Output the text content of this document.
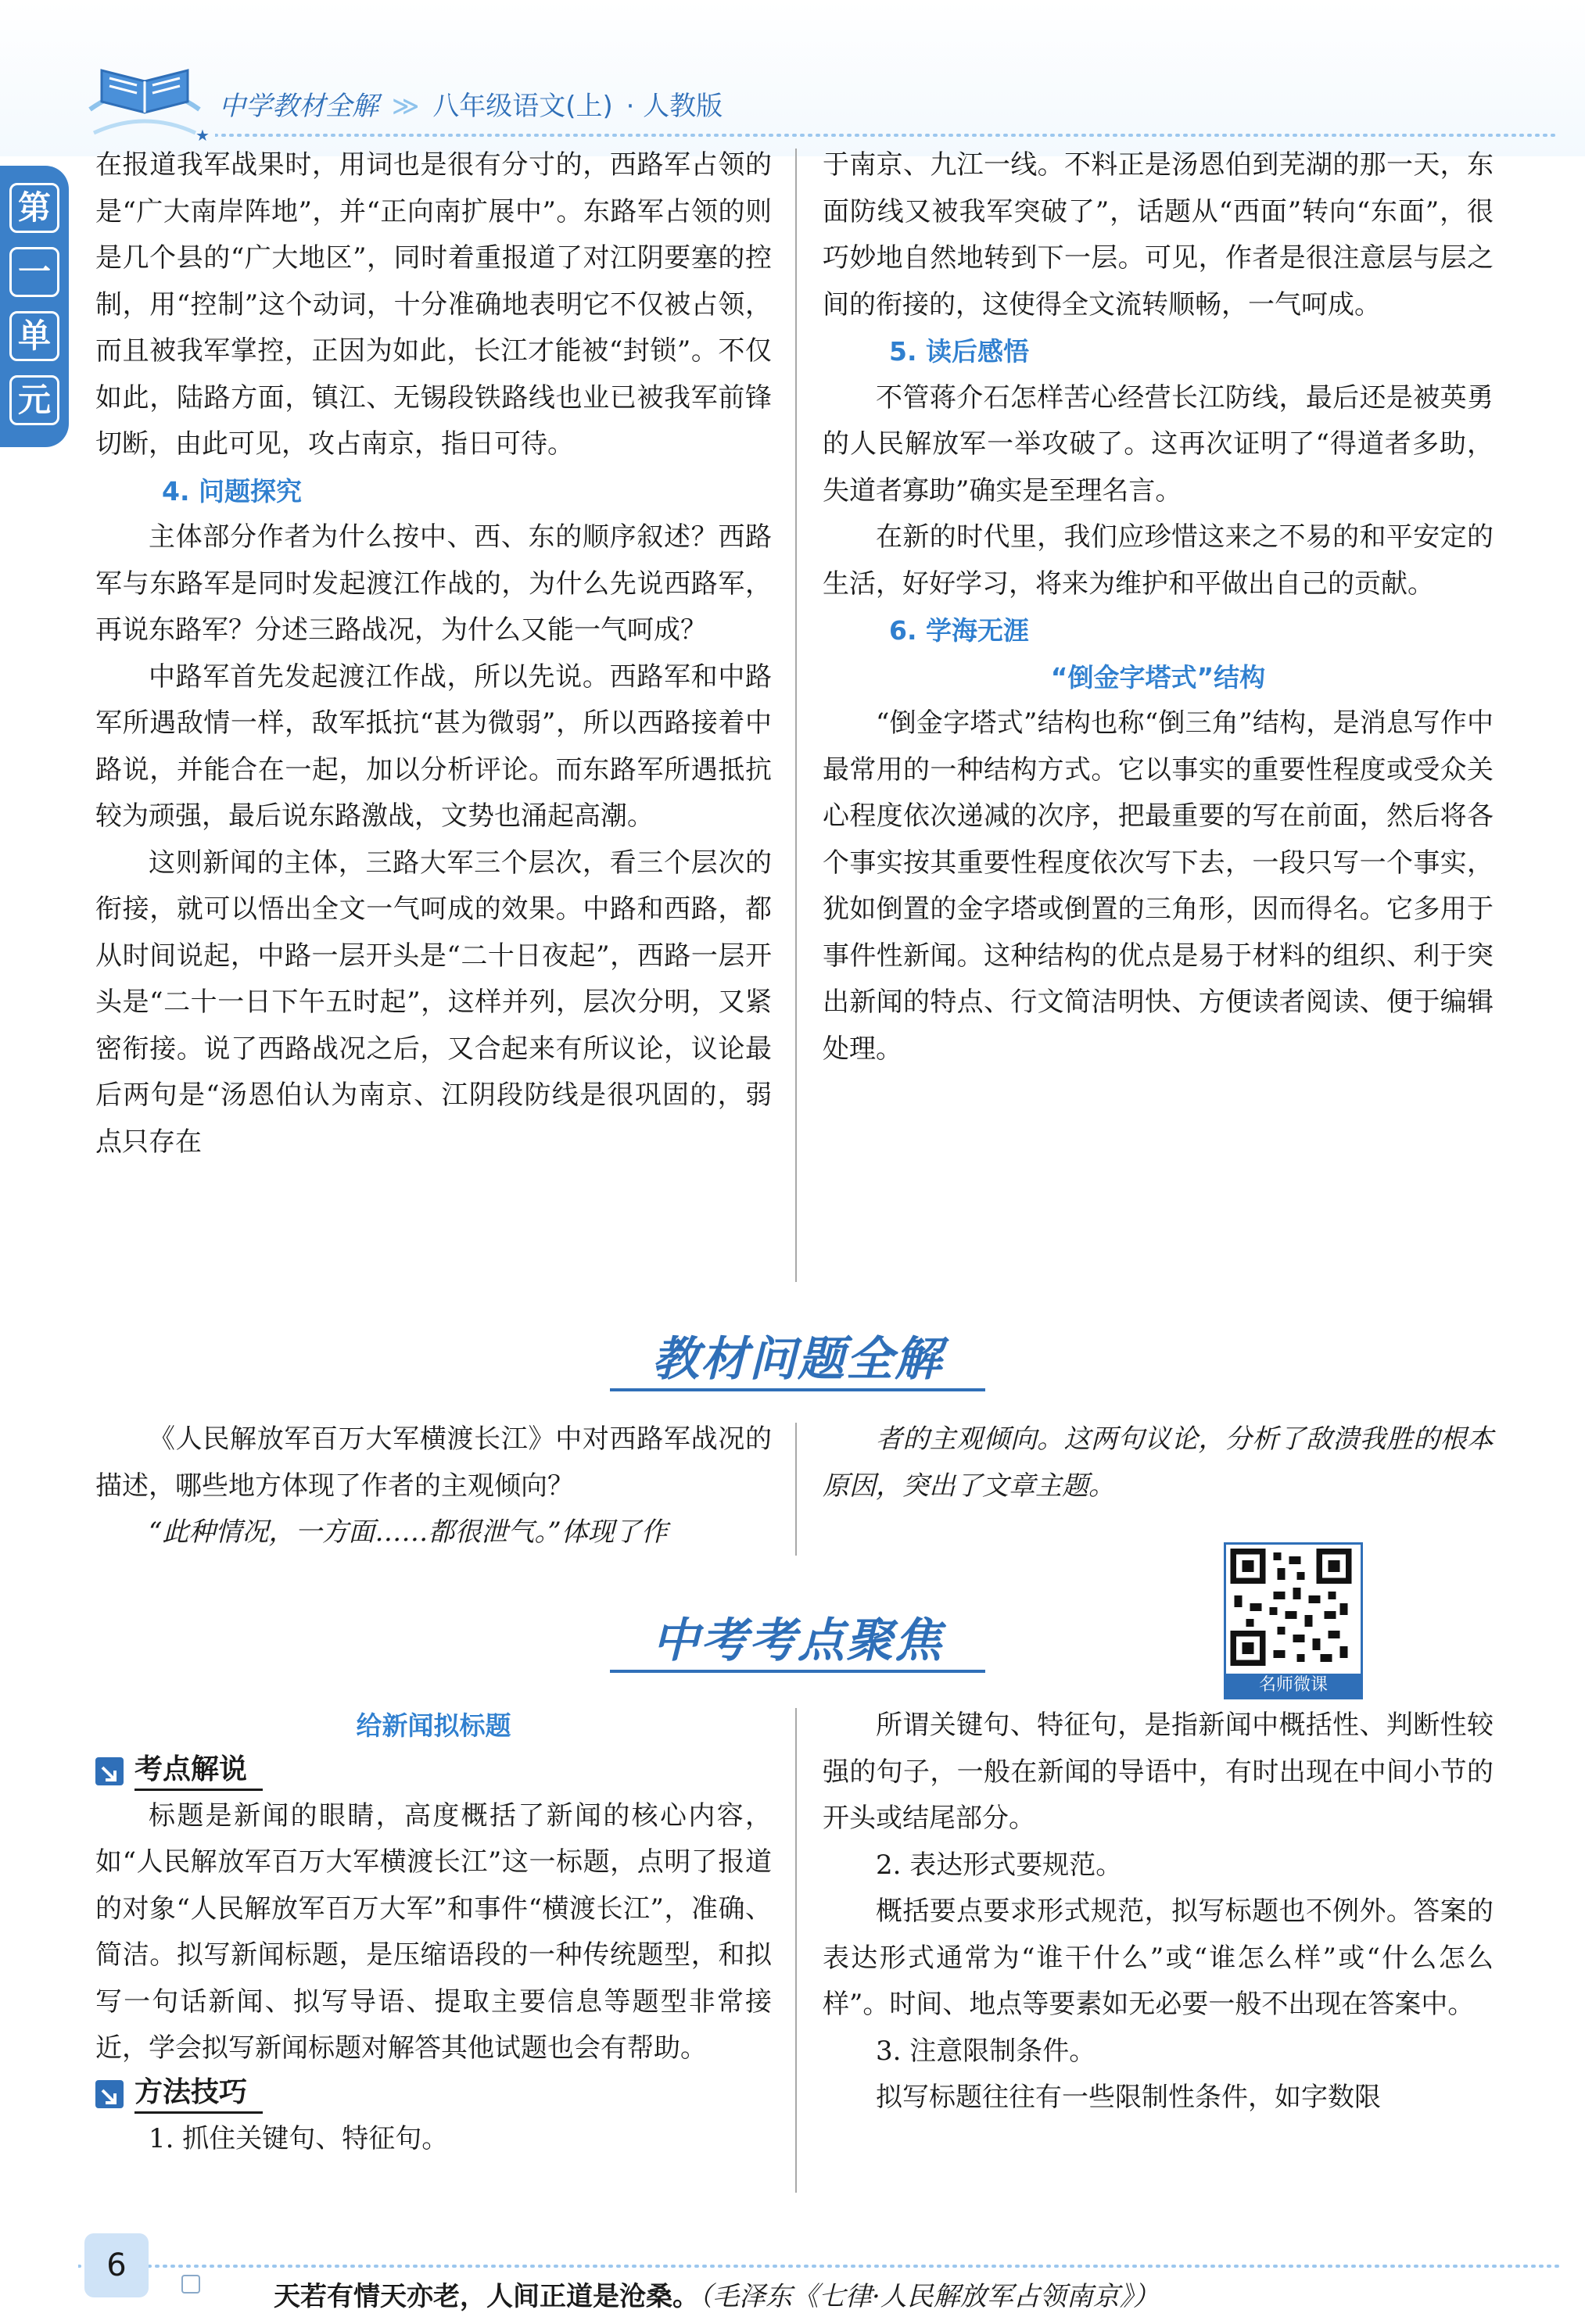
★
中学教材全解 ≫ 八年级语文(上) · 人教版
第
一
单
元

在报道我军战果时，用词也是很有分寸的，西路军占领的是“广大南岸阵地”，并“正向南扩展中”。东路军占领的则是几个县的“广大地区”，同时着重报道了对江阴要塞的控制，用“控制”这个动词，十分准确地表明它不仅被占领，而且被我军掌控，正因为如此，长江才能被“封锁”。不仅如此，陆路方面，镇江、无锡段铁路线也业已被我军前锋切断，由此可见，攻占南京，指日可待。

4. 问题探究

主体部分作者为什么按中、西、东的顺序叙述？西路军与东路军是同时发起渡江作战的，为什么先说西路军，再说东路军？分述三路战况，为什么又能一气呵成？

中路军首先发起渡江作战，所以先说。西路军和中路军所遇敌情一样，敌军抵抗“甚为微弱”，所以西路接着中路说，并能合在一起，加以分析评论。而东路军所遇抵抗较为顽强，最后说东路激战，文势也涌起高潮。

这则新闻的主体，三路大军三个层次，看三个层次的衔接，就可以悟出全文一气呵成的效果。中路和西路，都从时间说起，中路一层开头是“二十日夜起”，西路一层开头是“二十一日下午五时起”，这样并列，层次分明，又紧密衔接。说了西路战况之后，又合起来有所议论，议论最后两句是“汤恩伯认为南京、江阴段防线是很巩固的，弱点只存在

于南京、九江一线。不料正是汤恩伯到芜湖的那一天，东面防线又被我军突破了”，话题从“西面”转向“东面”，很巧妙地自然地转到下一层。可见，作者是很注意层与层之间的衔接的，这使得全文流转顺畅，一气呵成。

5. 读后感悟

不管蒋介石怎样苦心经营长江防线，最后还是被英勇的人民解放军一举攻破了。这再次证明了“得道者多助，失道者寡助”确实是至理名言。

在新的时代里，我们应珍惜这来之不易的和平安定的生活，好好学习，将来为维护和平做出自己的贡献。

6. 学海无涯
“倒金字塔式”结构

“倒金字塔式”结构也称“倒三角”结构，是消息写作中最常用的一种结构方式。它以事实的重要性程度或受众关心程度依次递减的次序，把最重要的写在前面，然后将各个事实按其重要性程度依次写下去，一段只写一个事实，犹如倒置的金字塔或倒置的三角形，因而得名。它多用于事件性新闻。这种结构的优点是易于材料的组织、利于突出新闻的特点、行文简洁明快、方便读者阅读、便于编辑处理。

教材问题全解

《人民解放军百万大军横渡长江》中对西路军战况的描述，哪些地方体现了作者的主观倾向？

“此种情况，一方面……都很泄气。”体现了作

者的主观倾向。这两句议论，分析了敌溃我胜的根本原因，突出了文章主题。

中考考点聚焦
名师微课
给新闻拟标题
考点解说

标题是新闻的眼睛，高度概括了新闻的核心内容，如“人民解放军百万大军横渡长江”这一标题，点明了报道的对象“人民解放军百万大军”和事件“横渡长江”，准确、简洁。拟写新闻标题，是压缩语段的一种传统题型，和拟写一句话新闻、拟写导语、提取主要信息等题型非常接近，学会拟写新闻标题对解答其他试题也会有帮助。

方法技巧

1. 抓住关键句、特征句。

所谓关键句、特征句，是指新闻中概括性、判断性较强的句子，一般在新闻的导语中，有时出现在中间小节的开头或结尾部分。

2. 表达形式要规范。

概括要点要求形式规范，拟写标题也不例外。答案的表达形式通常为“谁干什么”或“谁怎么样”或“什么怎么样”。时间、地点等要素如无必要一般不出现在答案中。

3. 注意限制条件。

拟写标题往往有一些限制性条件，如字数限

6
天若有情天亦老，人间正道是沧桑。（毛泽东《七律·人民解放军占领南京》）
